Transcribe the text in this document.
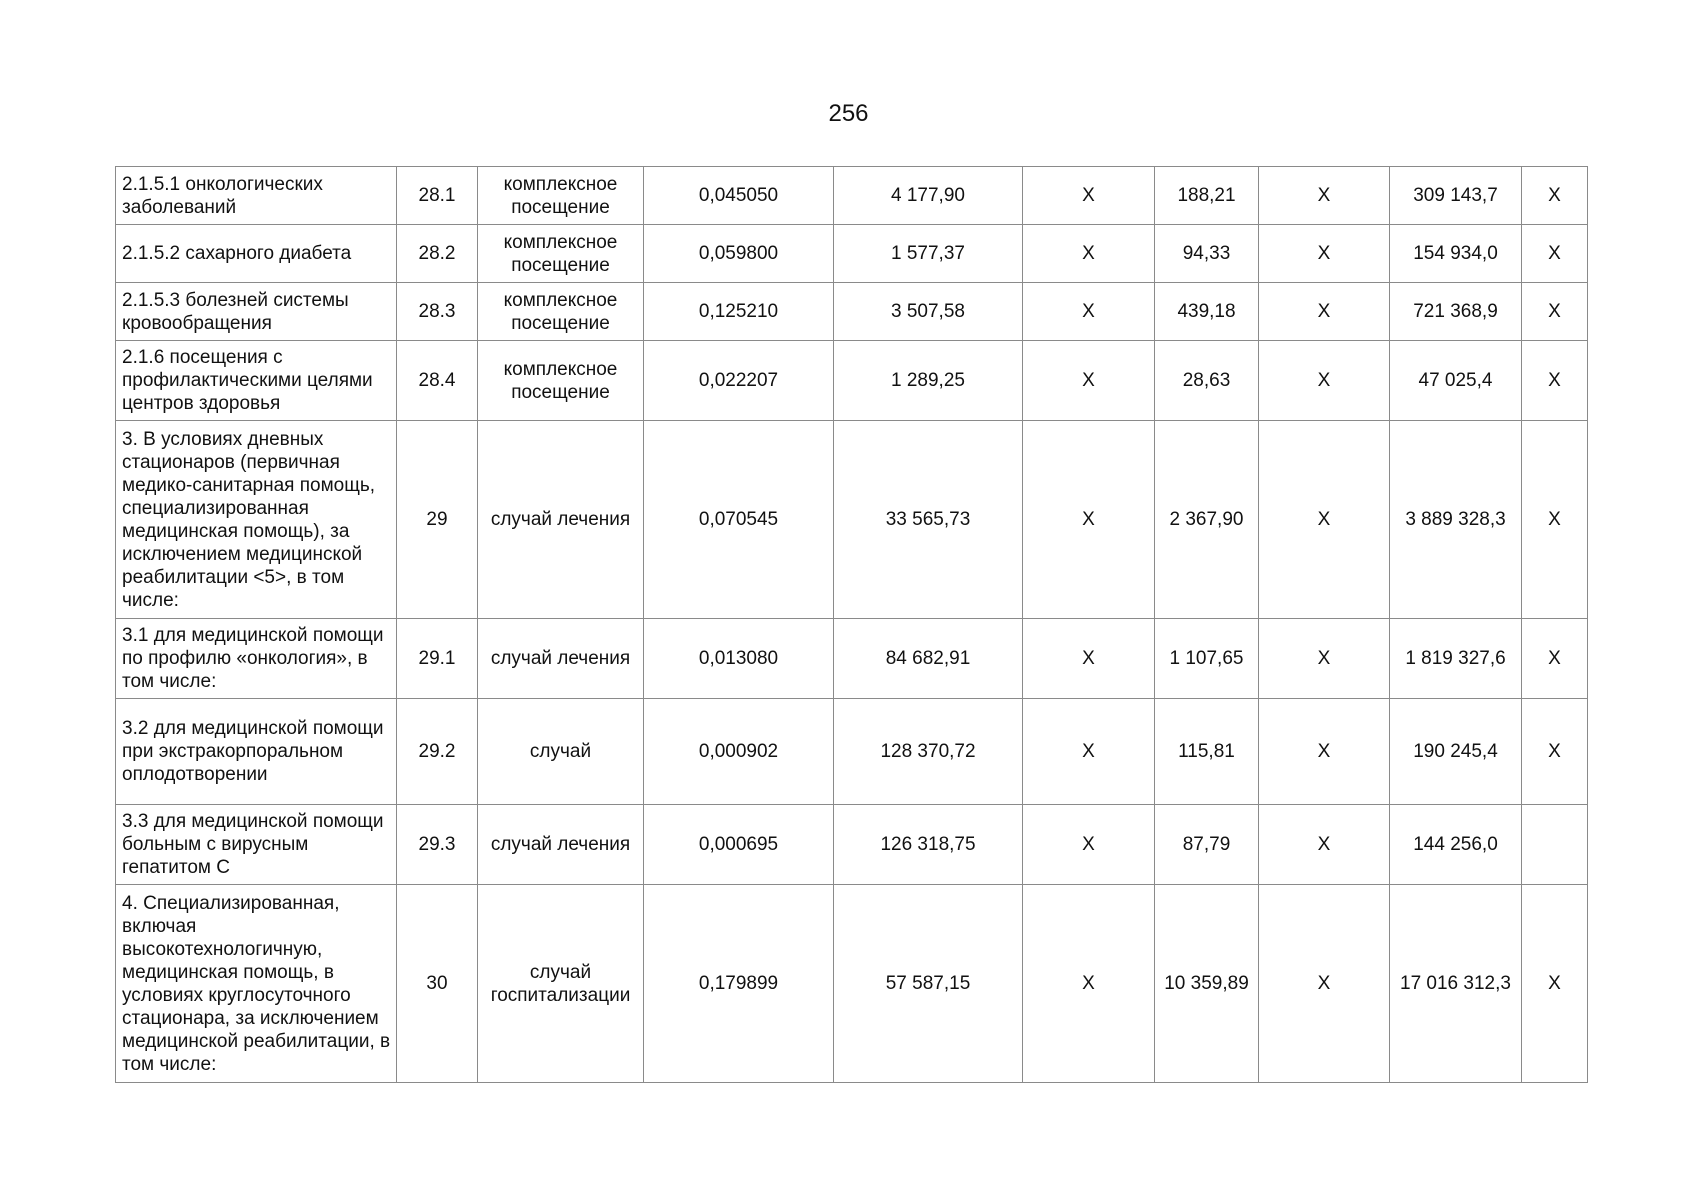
256
2.1.5.1 онкологических заболеваний	28.1	комплексное посещение	0,045050	4 177,90	X	188,21	X	309 143,7	X
2.1.5.2 сахарного диабета	28.2	комплексное посещение	0,059800	1 577,37	X	94,33	X	154 934,0	X
2.1.5.3 болезней системы кровообращения	28.3	комплексное посещение	0,125210	3 507,58	X	439,18	X	721 368,9	X
2.1.6 посещения с профилактическими целями центров здоровья	28.4	комплексное посещение	0,022207	1 289,25	X	28,63	X	47 025,4	X
3. В условиях дневных стационаров (первичная медико-санитарная помощь, специализированная медицинская помощь), за исключением медицинской реабилитации <5>, в том числе:	29	случай лечения	0,070545	33 565,73	X	2 367,90	X	3 889 328,3	X
3.1 для медицинской помощи по профилю «онкология», в том числе:	29.1	случай лечения	0,013080	84 682,91	X	1 107,65	X	1 819 327,6	X
3.2 для медицинской помощи при экстракорпоральном оплодотворении	29.2	случай	0,000902	128 370,72	X	115,81	X	190 245,4	X
3.3 для медицинской помощи больным с вирусным гепатитом С	29.3	случай лечения	0,000695	126 318,75	X	87,79	X	144 256,0	
4. Специализированная, включая высокотехнологичную, медицинская помощь, в условиях круглосуточного стационара, за исключением медицинской реабилитации, в том числе:	30	случай госпитализации	0,179899	57 587,15	X	10 359,89	X	17 016 312,3	X
